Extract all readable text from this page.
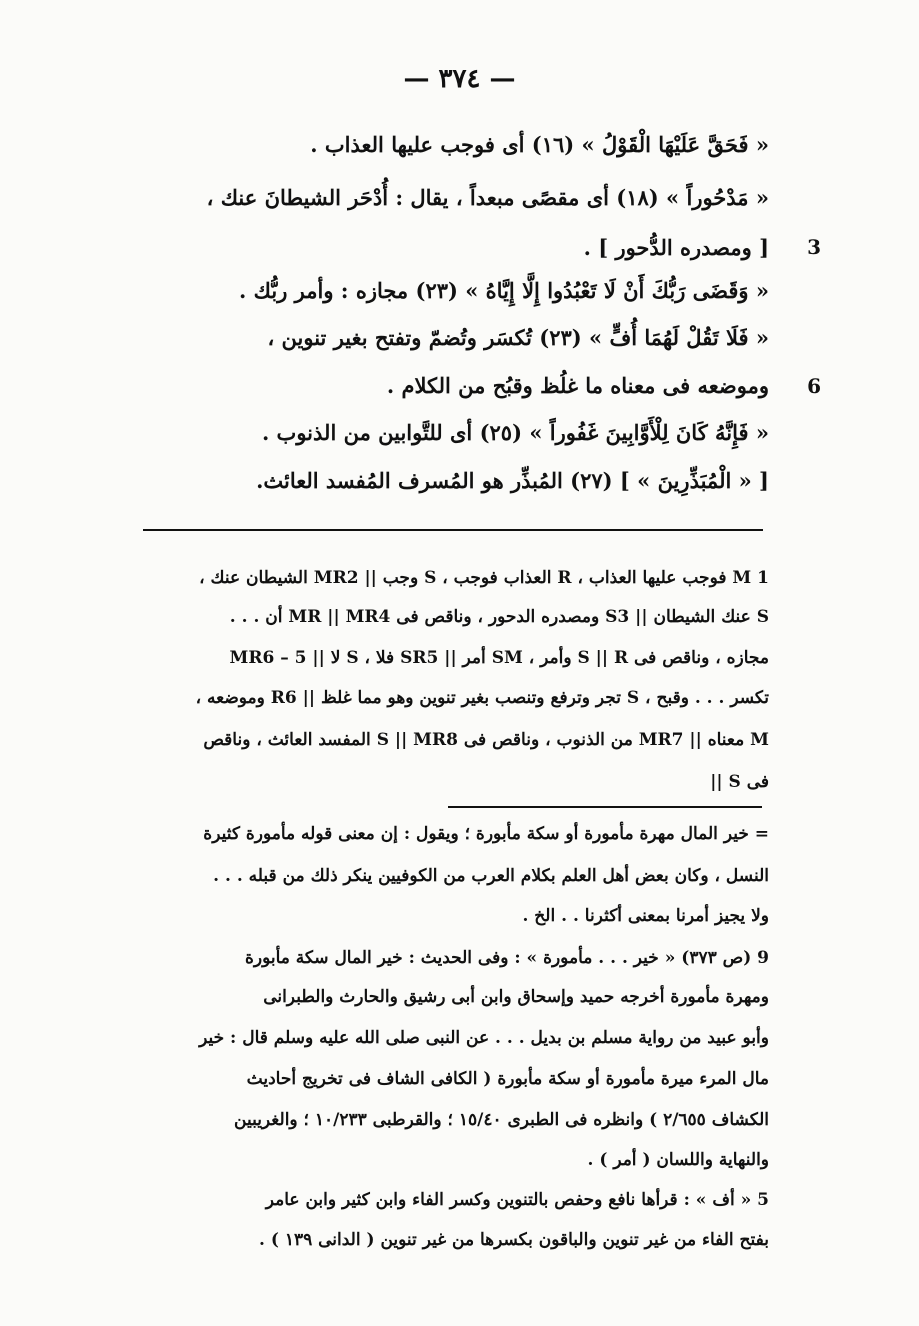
— ٣٧٤ —
« فَحَقَّ عَلَيْهَا الْقَوْلُ » (١٦) أى فوجب عليها العذاب .
« مَدْحُوراً » (١٨) أى مقصًى مبعداً ، يقال : أُدْحَر الشيطانَ عنك ،
[ ومصدره الدُّحور ] .
« وَقَضَى رَبُّكَ أَنْ لَا تَعْبُدُوا إِلَّا إِيَّاهُ » (٢٣) مجازه : وأمر ربُّك .
« فَلَا تَقُلْ لَهُمَا أُفٍّ » (٢٣) تُكسَر وتُضمّ وتفتح بغير تنوين ،
وموضعه فى معناه ما غلُظ وقبُح من الكلام .
« فَإِنَّهُ كَانَ لِلْأَوَّابِينَ غَفُوراً » (٢٥) أى للتَّوابين من الذنوب .
[ « الْمُبَذِّرِينَ » ] (٢٧) المُبذِّر هو المُسرف المُفسد العائث.
3
6
1 M فوجب عليها العذاب ، R العذاب فوجب ، S وجب || MR2 الشيطان عنك ،
S عنك الشيطان || S3 ومصدره الدحور ، وناقص فى MR || MR4 أن . . .
مجازه ، وناقص فى S || R وأمر ، SM أمر || SR5 فلا ، S لا || 5 – MR6
تكسر . . . وقبح ، S تجر وترفع وتنصب بغير تنوين وهو مما غلظ || R6 وموضعه ،
M معناه || MR7 من الذنوب ، وناقص فى S || MR8 المفسد العائث ، وناقص
فى S ||
= خير المال مهرة مأمورة أو سكة مأبورة ؛ ويقول : إن معنى قوله مأمورة كثيرة
النسل ، وكان بعض أهل العلم بكلام العرب من الكوفيين ينكر ذلك من قبله . . .
ولا يجيز أمرنا بمعنى أكثرنا . . الخ .
9 (ص ٣٧٣) « خير . . . مأمورة » : وفى الحديث : خير المال سكة مأبورة
ومهرة مأمورة أخرجه حميد وإسحاق وابن أبى رشيق والحارث والطبرانى
وأبو عبيد من رواية مسلم بن بديل . . . عن النبى صلى الله عليه وسلم قال : خير
مال المرء ميرة مأمورة أو سكة مأبورة ( الكافى الشاف فى تخريج أحاديث
الكشاف ٢/٦٥٥ ) وانظره فى الطبرى ١٥/٤٠ ؛ والقرطبى ١٠/٢٣٣ ؛ والغريبين
والنهاية واللسان ( أمر ) .
5 « أف » : قرأها نافع وحفص بالتنوين وكسر الفاء وابن كثير وابن عامر
بفتح الفاء من غير تنوين والباقون بكسرها من غير تنوين ( الدانى ١٣٩ ) .
